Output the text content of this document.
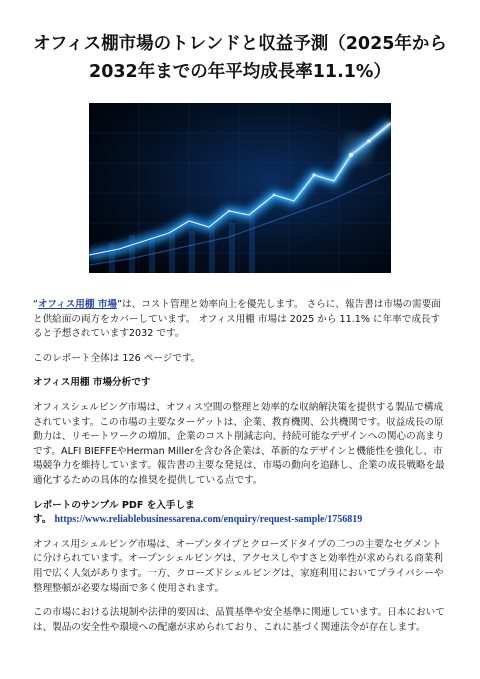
オフィス棚市場のトレンドと収益予測（2025年から2032年までの年平均成長率11.1%）

“オフィス用棚 市場”は、コスト管理と効率向上を優先します。 さらに、報告書は市場の需要面と供給面の両方をカバーしています。 オフィス用棚 市場は 2025 から 11.1% に年率で成長すると予想されています2032 です。

このレポート全体は 126 ページです。

オフィス用棚 市場分析です

オフィスシェルビング市場は、オフィス空間の整理と効率的な収納解決策を提供する製品で構成されています。この市場の主要なターゲットは、企業、教育機関、公共機関です。収益成長の原動力は、リモートワークの増加、企業のコスト削減志向、持続可能なデザインへの関心の高まりです。ALFI BIEFFEやHerman Millerを含む各企業は、革新的なデザインと機能性を強化し、市場競争力を維持しています。報告書の主要な発見は、市場の動向を追跡し、企業の成長戦略を最適化するための具体的な推奨を提供している点です。

レポートのサンプル PDF を入手します。 https://www.reliablebusinessarena.com/enquiry/request-sample/1756819

オフィス用シェルビング市場は、オープンタイプとクローズドタイプの二つの主要なセグメントに分けられています。オープンシェルビングは、アクセスしやすさと効率性が求められる商業利用で広く人気があります。一方、クローズドシェルビングは、家庭利用においてプライバシーや整理整頓が必要な場面で多く使用されます。

この市場における法規制や法律的要因は、品質基準や安全基準に関連しています。日本においては、製品の安全性や環境への配慮が求められており、これに基づく関連法令が存在します。
